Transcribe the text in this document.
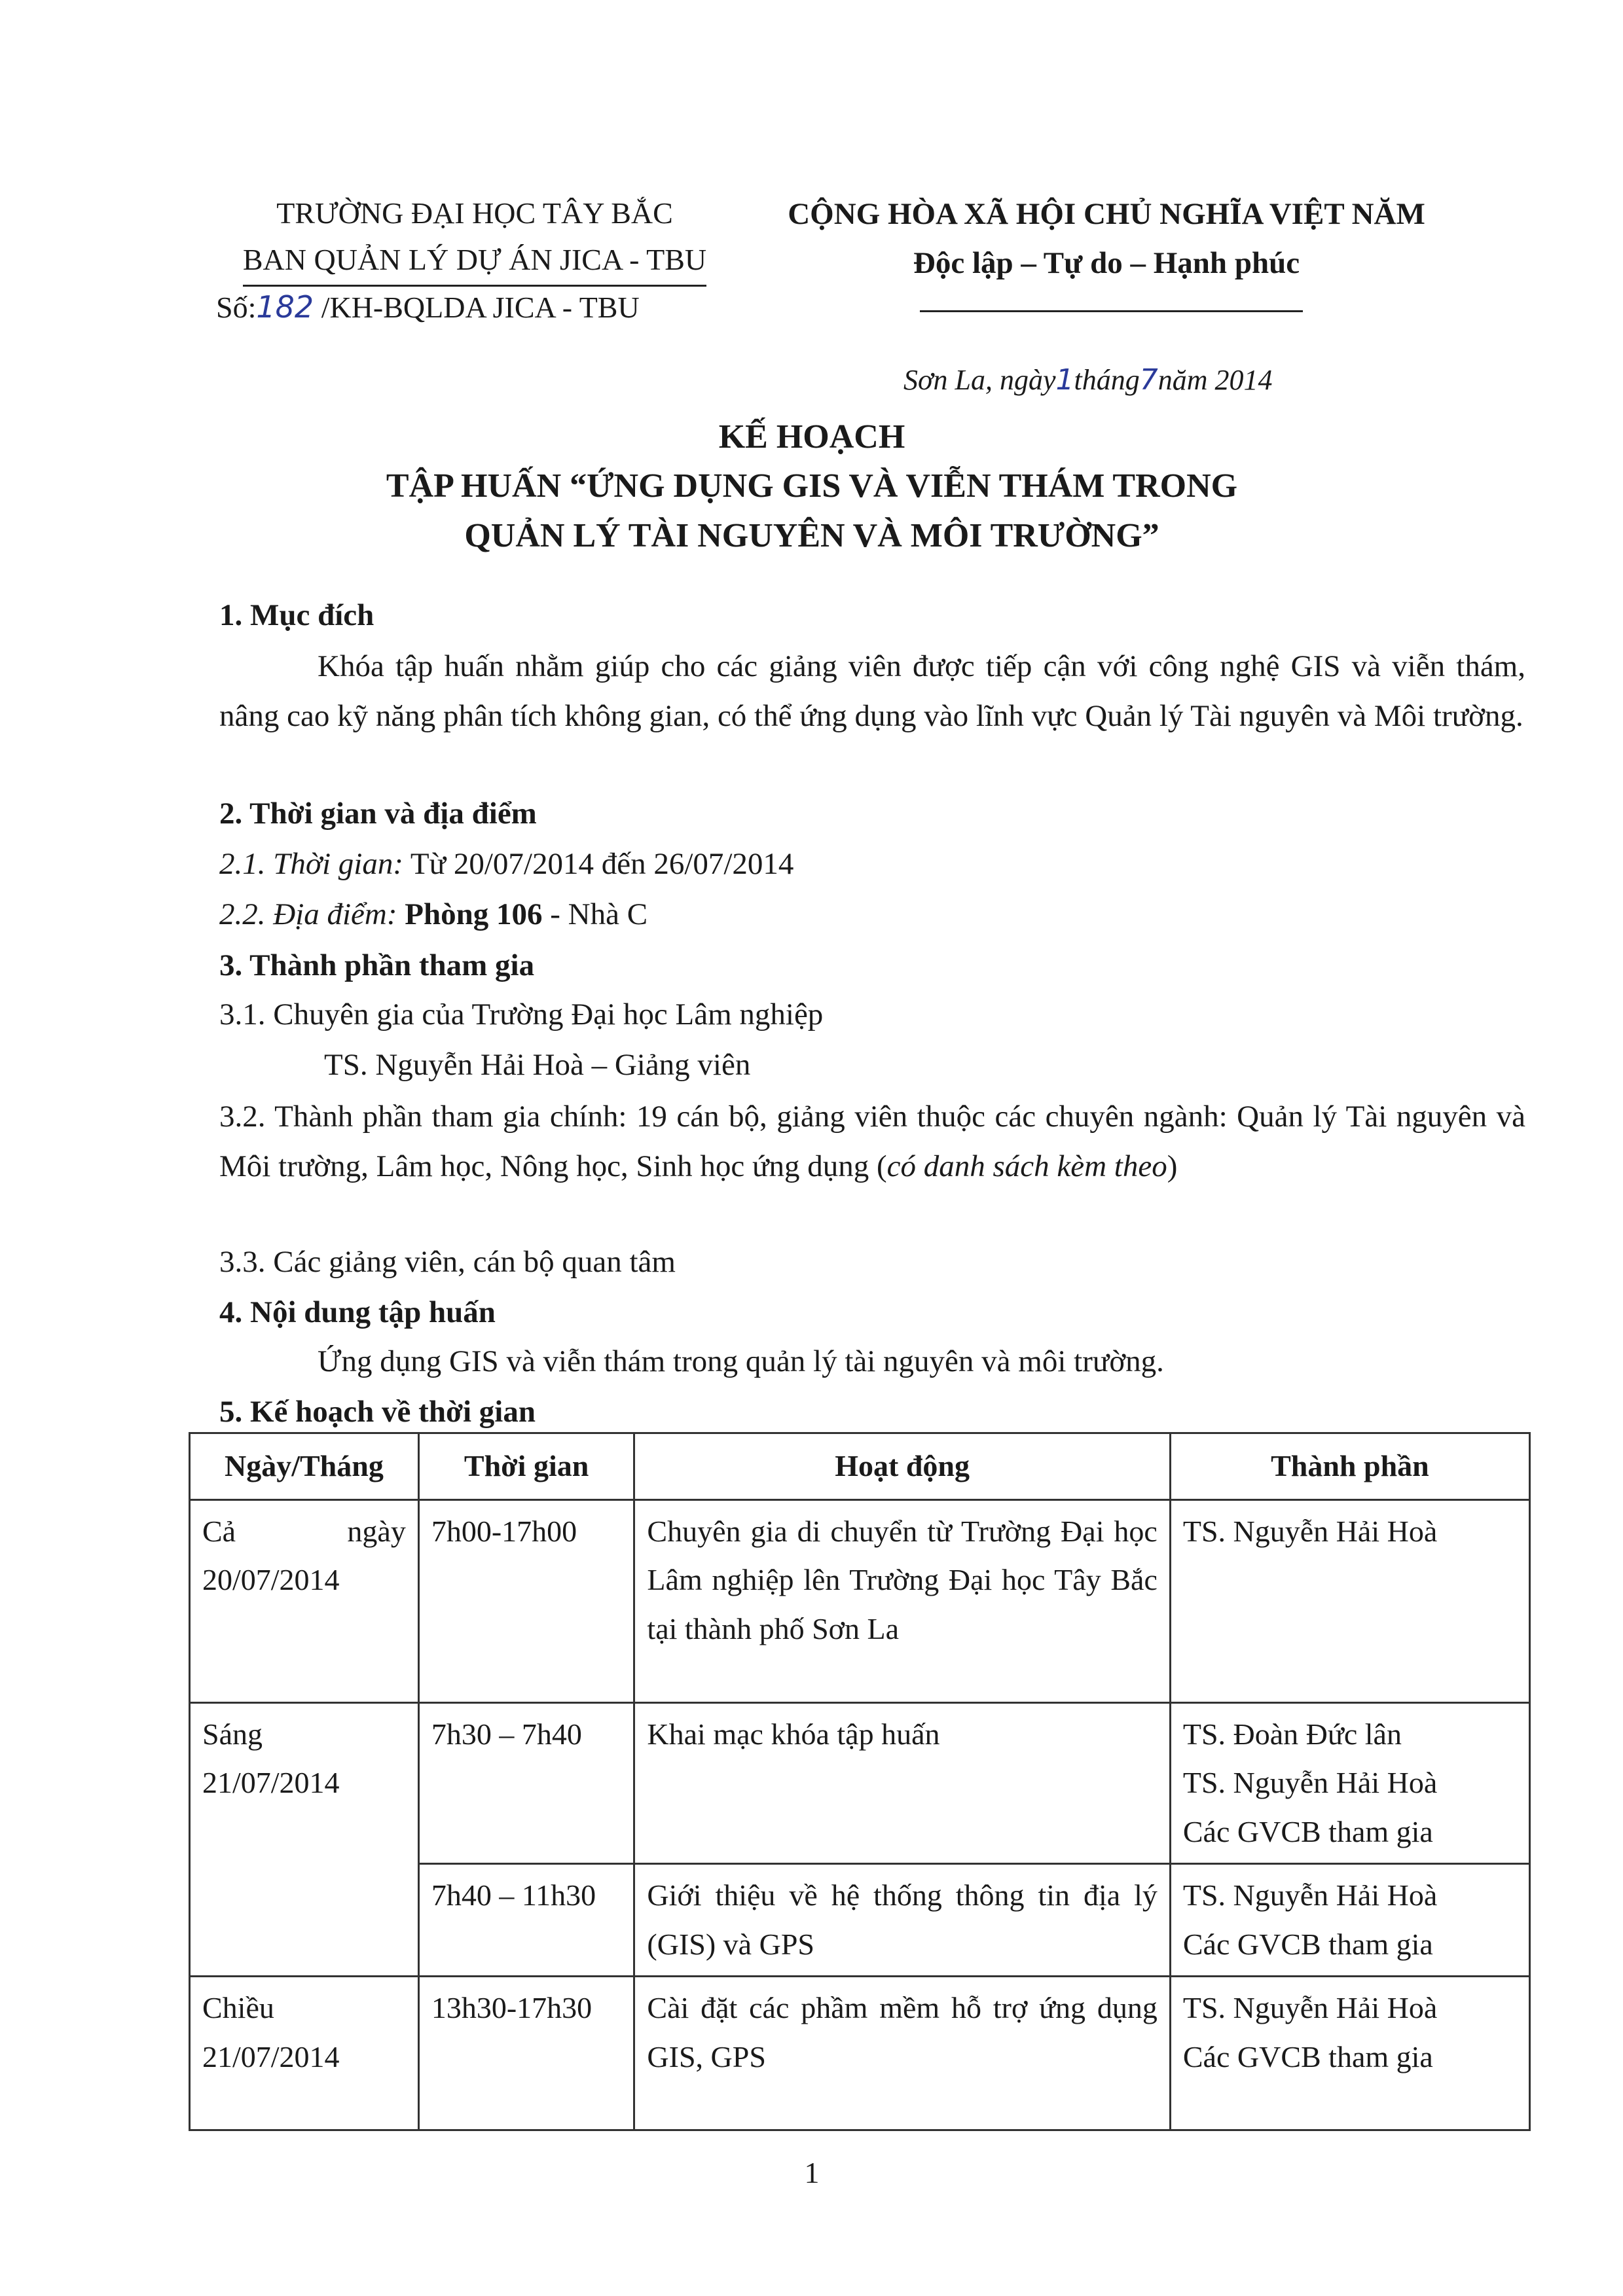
TRƯỜNG ĐẠI HỌC TÂY BẮC
BAN QUẢN LÝ DỰ ÁN JICA - TBU
Số:182 /KH-BQLDA JICA - TBU
CỘNG HÒA XÃ HỘI CHỦ NGHĨA VIỆT NĂM
Độc lập – Tự do – Hạnh phúc
Sơn La, ngày1tháng7năm 2014
KẾ HOẠCH
TẬP HUẤN “ỨNG DỤNG GIS VÀ VIỄN THÁM TRONG
QUẢN LÝ TÀI NGUYÊN VÀ MÔI TRƯỜNG”
1. Mục đích
Khóa tập huấn nhằm giúp cho các giảng viên được tiếp cận với công nghệ GIS và viễn thám, nâng cao kỹ năng phân tích không gian, có thể ứng dụng vào lĩnh vực Quản lý Tài nguyên và Môi trường.
2. Thời gian và địa điểm
2.1. Thời gian: Từ 20/07/2014 đến 26/07/2014
2.2. Địa điểm: Phòng 106 - Nhà C
3. Thành phần tham gia
3.1. Chuyên gia của Trường Đại học Lâm nghiệp
TS. Nguyễn Hải Hoà – Giảng viên
3.2. Thành phần tham gia chính: 19 cán bộ, giảng viên thuộc các chuyên ngành: Quản lý Tài nguyên và Môi trường, Lâm học, Nông học, Sinh học ứng dụng (có danh sách kèm theo)
3.3. Các giảng viên, cán bộ quan tâm
4. Nội dung tập huấn
Ứng dụng GIS và viễn thám trong quản lý tài nguyên và môi trường.
5. Kế hoạch về thời gian
Ngày/Tháng	Thời gian	Hoạt động	Thành phần
Cả ngày 20/07/2014	7h00-17h00	Chuyên gia di chuyển từ Trường Đại học Lâm nghiệp lên Trường Đại học Tây Bắc tại thành phố Sơn La	TS. Nguyễn Hải Hoà
Sáng 21/07/2014	7h30 – 7h40	Khai mạc khóa tập huấn	TS. Đoàn Đức lân
TS. Nguyễn Hải Hoà
Các GVCB tham gia
	7h40 – 11h30	Giới thiệu về hệ thống thông tin địa lý (GIS) và GPS	TS. Nguyễn Hải Hoà
Các GVCB tham gia
Chiều 21/07/2014	13h30-17h30	Cài đặt các phầm mềm hỗ trợ ứng dụng GIS, GPS	TS. Nguyễn Hải Hoà
Các GVCB tham gia
1
